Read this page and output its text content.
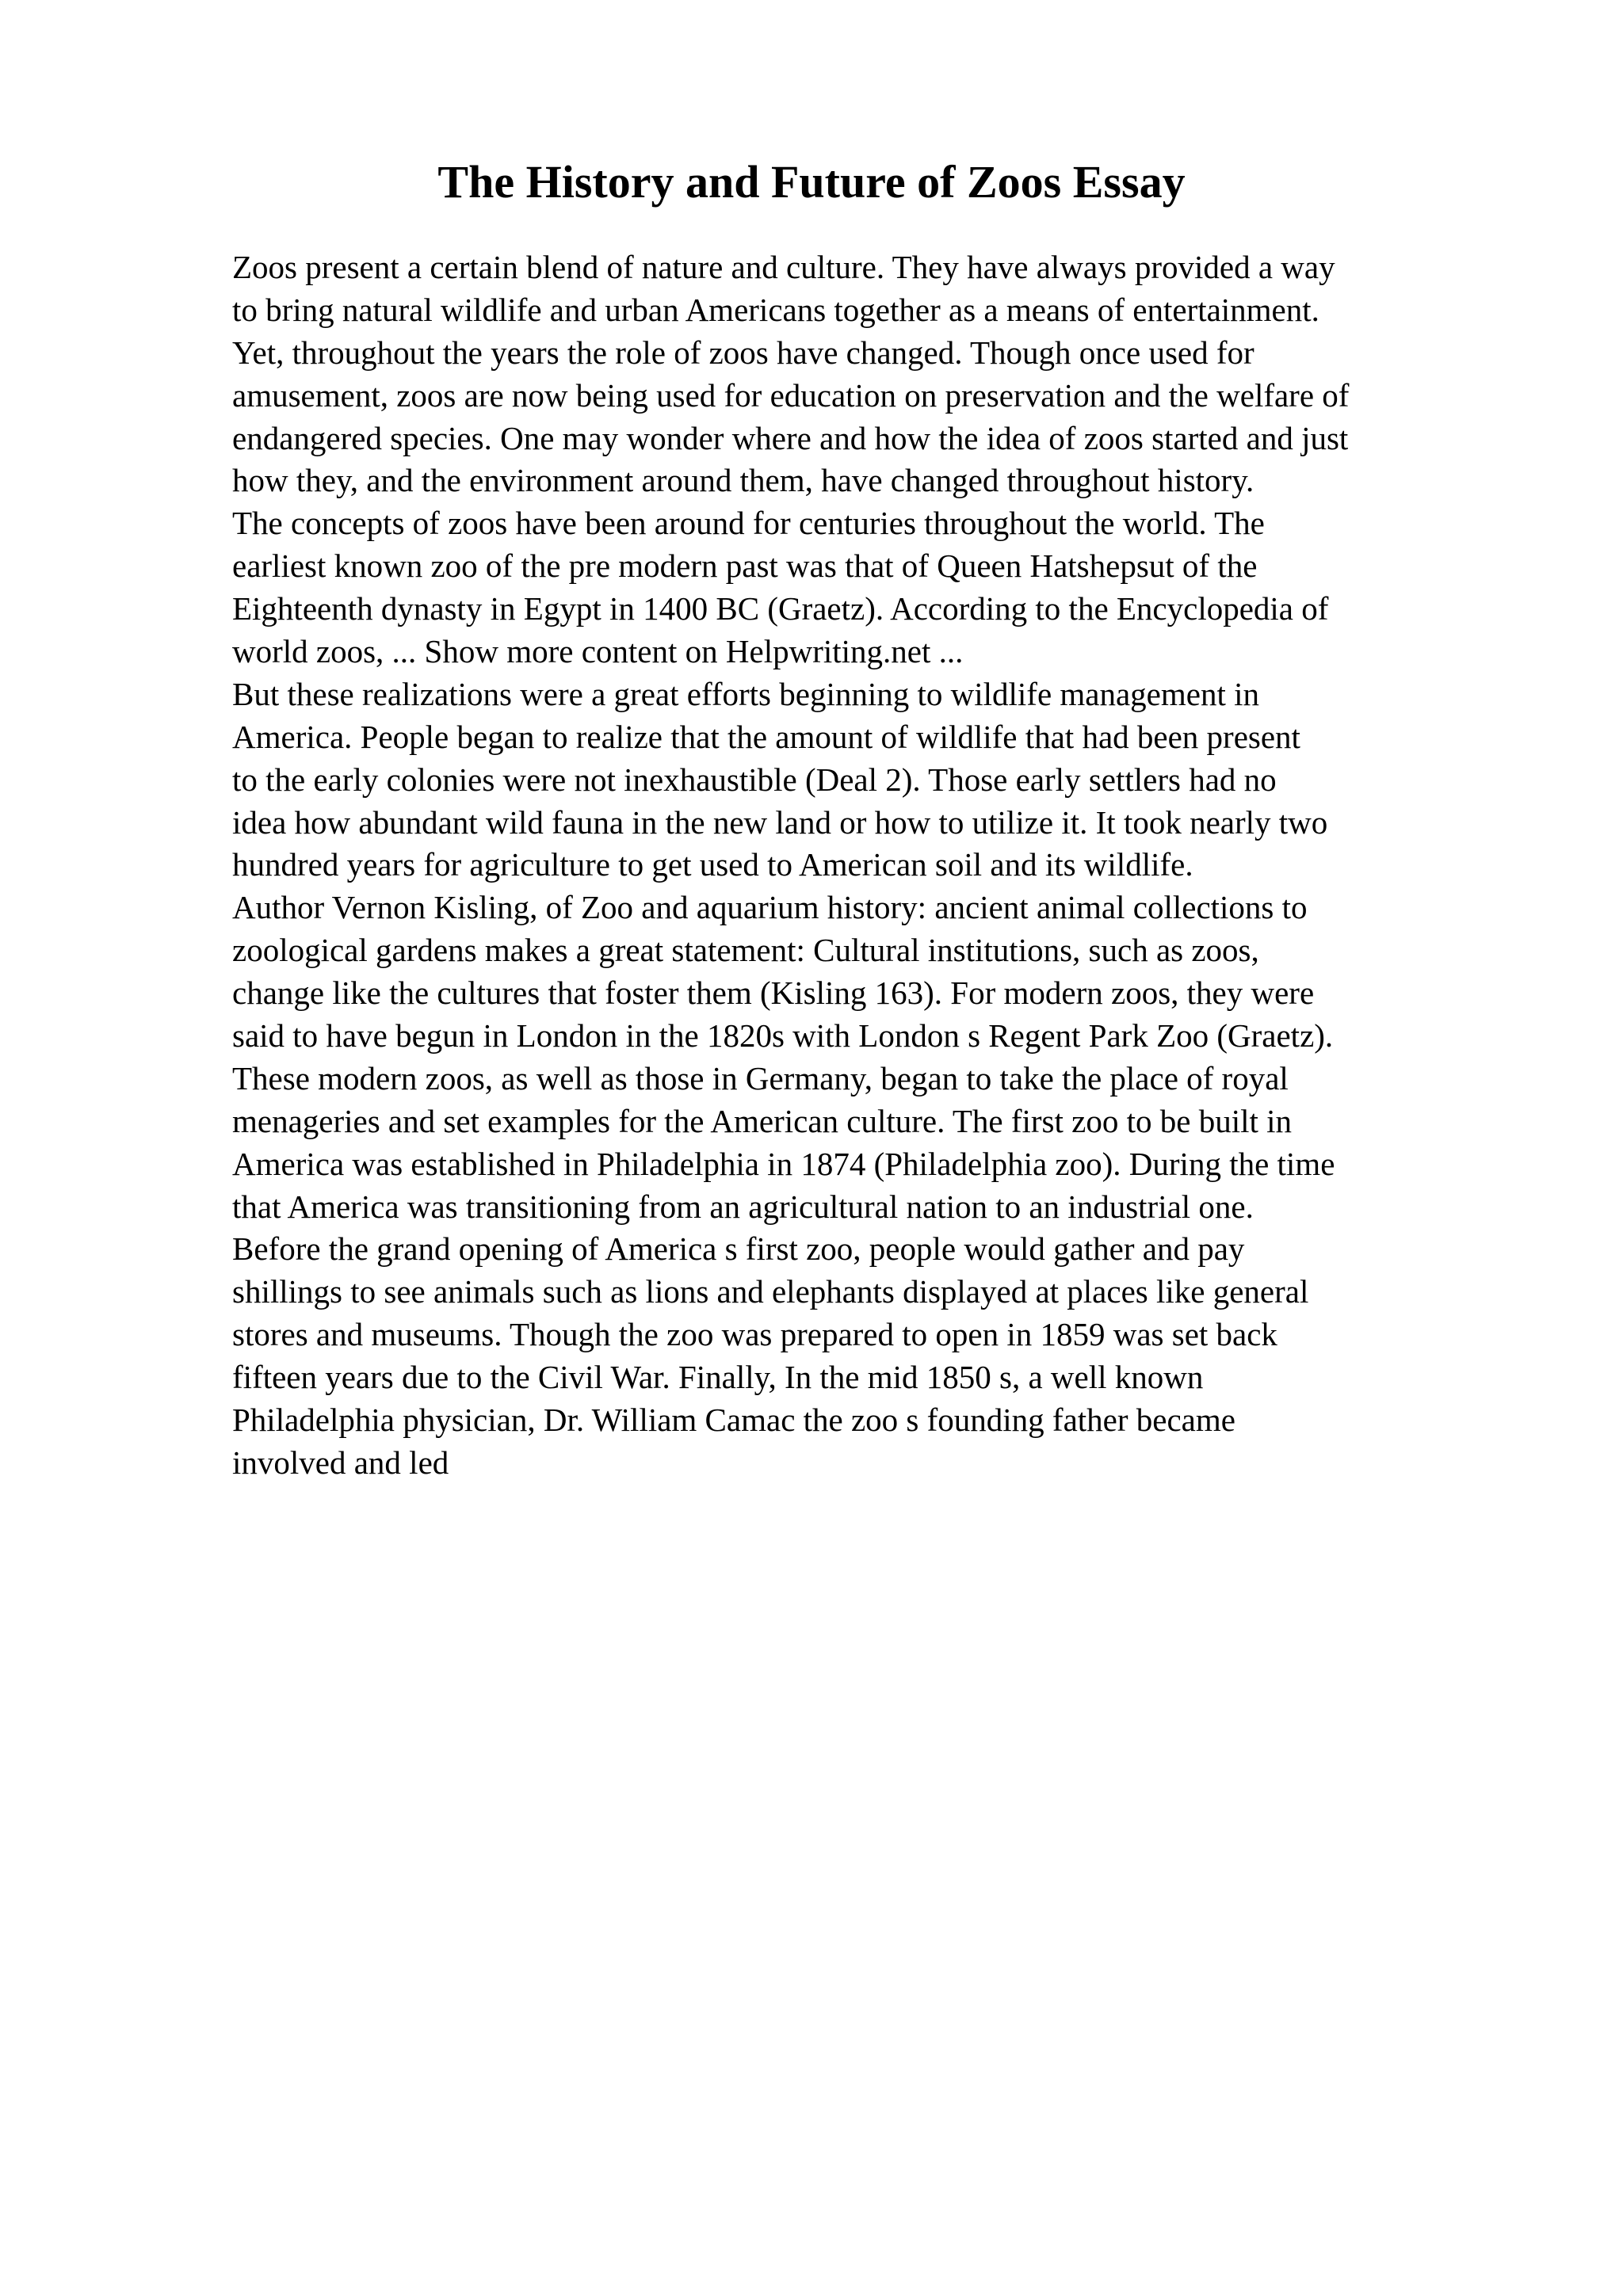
The History and Future of Zoos Essay
Zoos present a certain blend of nature and culture. They have always provided a way
to bring natural wildlife and urban Americans together as a means of entertainment.
Yet, throughout the years the role of zoos have changed. Though once used for
amusement, zoos are now being used for education on preservation and the welfare of
endangered species. One may wonder where and how the idea of zoos started and just
how they, and the environment around them, have changed throughout history.
The concepts of zoos have been around for centuries throughout the world. The
earliest known zoo of the pre modern past was that of Queen Hatshepsut of the
Eighteenth dynasty in Egypt in 1400 BC (Graetz). According to the Encyclopedia of
world zoos, ... Show more content on Helpwriting.net ...
But these realizations were a great efforts beginning to wildlife management in
America. People began to realize that the amount of wildlife that had been present
to the early colonies were not inexhaustible (Deal 2). Those early settlers had no
idea how abundant wild fauna in the new land or how to utilize it. It took nearly two
hundred years for agriculture to get used to American soil and its wildlife.
Author Vernon Kisling, of Zoo and aquarium history: ancient animal collections to
zoological gardens makes a great statement: Cultural institutions, such as zoos,
change like the cultures that foster them (Kisling 163). For modern zoos, they were
said to have begun in London in the 1820s with London s Regent Park Zoo (Graetz).
These modern zoos, as well as those in Germany, began to take the place of royal
menageries and set examples for the American culture. The first zoo to be built in
America was established in Philadelphia in 1874 (Philadelphia zoo). During the time
that America was transitioning from an agricultural nation to an industrial one.
Before the grand opening of America s first zoo, people would gather and pay
shillings to see animals such as lions and elephants displayed at places like general
stores and museums. Though the zoo was prepared to open in 1859 was set back
fifteen years due to the Civil War. Finally, In the mid 1850 s, a well known
Philadelphia physician, Dr. William Camac the zoo s founding father became
involved and led
